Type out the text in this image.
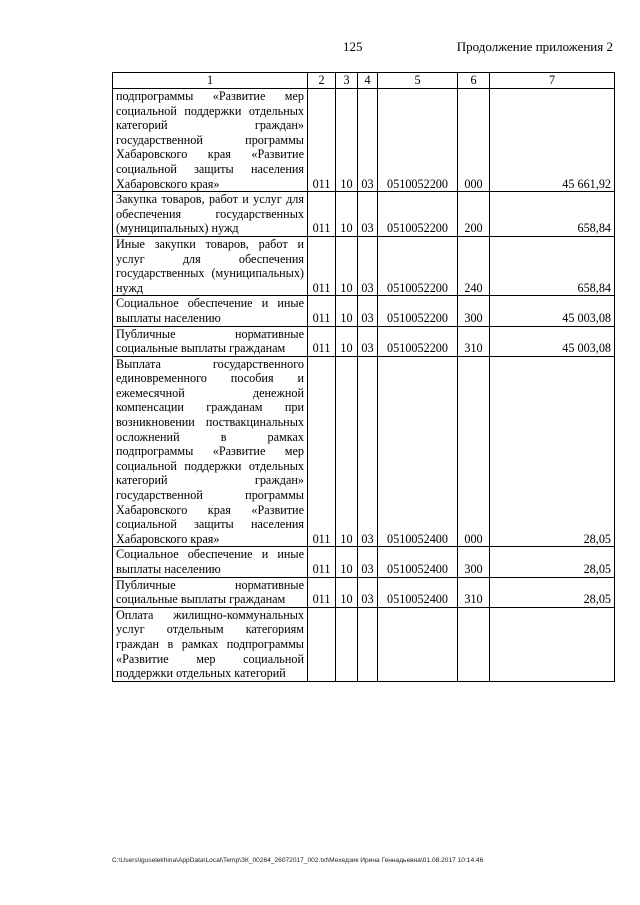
125	Продолжение приложения 2
1	2	3	4	5	6	7
подпрограммы «Развитие мер социальной поддержки отдельных категорий граждан» государственной программы Хабаровского края «Развитие социальной защиты населения Хабаровского края»	011	10	03	0510052200	000	45 661,92
Закупка товаров, работ и услуг для обеспечения государственных (муниципальных) нужд	011	10	03	0510052200	200	658,84
Иные закупки товаров, работ и услуг для обеспечения государственных (муниципальных) нужд	011	10	03	0510052200	240	658,84
Социальное обеспечение и иные выплаты населению	011	10	03	0510052200	300	45 003,08
Публичные нормативные социальные выплаты гражданам	011	10	03	0510052200	310	45 003,08
Выплата государственного единовременного пособия и ежемесячной денежной компенсации гражданам при возникновении поствакцинальных осложнений в рамках подпрограммы «Развитие мер социальной поддержки отдельных категорий граждан» государственной программы Хабаровского края «Развитие социальной защиты населения Хабаровского края»	011	10	03	0510052400	000	28,05
Социальное обеспечение и иные выплаты населению	011	10	03	0510052400	300	28,05
Публичные нормативные социальные выплаты гражданам	011	10	03	0510052400	310	28,05
Оплата жилищно-коммунальных услуг отдельным категориям граждан в рамках подпрограммы «Развитие мер социальной поддержки отдельных категорий						
C:\Users\iguselekhina\AppData\Local\Temp\ЗК_00264_26072017_002.txt\Мехедзик Ирина Геннадьевна\01.08.2017 10:14:46
